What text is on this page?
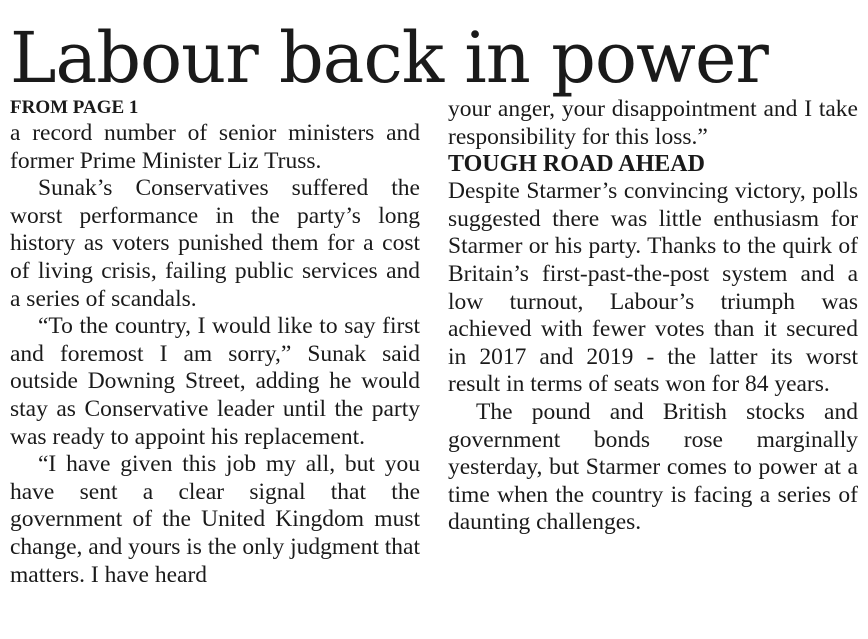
Labour back in power
FROM PAGE 1

a record number of senior ministers and former Prime Minister Liz Truss.

Sunak’s Conservatives suffered the worst performance in the party’s long history as voters punished them for a cost of living crisis, failing public services and a series of scandals.

“To the country, I would like to say first and foremost I am sorry,” Sunak said outside Downing Street, adding he would stay as Conservative leader until the party was ready to appoint his replacement.

“I have given this job my all, but you have sent a clear signal that the government of the United Kingdom must change, and yours is the only judgment that matters. I have heard

your anger, your disappointment and I take responsibility for this loss.”

TOUGH ROAD AHEAD

Despite Starmer’s convincing victory, polls suggested there was little enthusiasm for Starmer or his party. Thanks to the quirk of Britain’s first-past-the-post system and a low turnout, Labour’s triumph was achieved with fewer votes than it secured in 2017 and 2019 - the latter its worst result in terms of seats won for 84 years.

The pound and British stocks and government bonds rose marginally yesterday, but Starmer comes to power at a time when the country is facing a series of daunting challenges.
